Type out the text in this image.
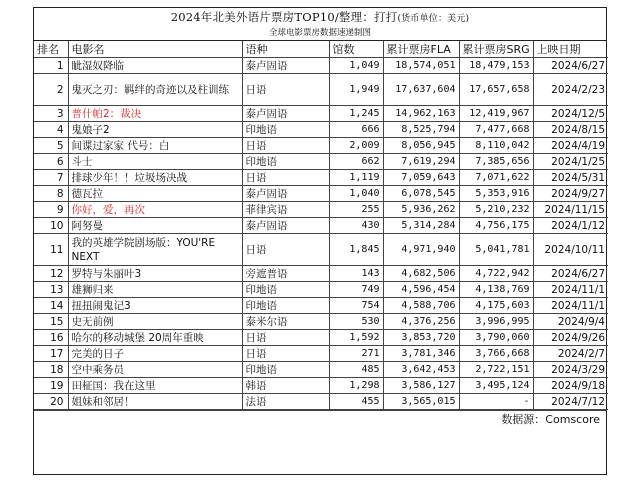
2024年北美外语片票房TOP10/整理：打打(货币单位：美元)
全球电影票房数据速递制图
排名	电影名	语种	馆数	累计票房FLA	累计票房SRG	上映日期
1	眦湿奴降临	泰卢固语	1,049	18,574,051	18,479,153	2024/6/27
2	鬼灭之刃：羁绊的奇迹以及柱训练	日语	1,949	17,637,604	17,657,658	2024/2/23
3	普什帕2：裁决	泰卢固语	1,245	14,962,163	12,419,967	2024/12/5
4	鬼娘子2	印地语	666	8,525,794	7,477,668	2024/8/15
5	间谍过家家 代号：白	日语	2,009	8,056,945	8,110,042	2024/4/19
6	斗士	印地语	662	7,619,294	7,385,656	2024/1/25
7	排球少年！！垃圾场决战	日语	1,119	7,059,643	7,071,622	2024/5/31
8	德瓦拉	泰卢固语	1,040	6,078,545	5,353,916	2024/9/27
9	你好，爱，再次	菲律宾语	255	5,936,262	5,210,232	2024/11/15
10	阿努曼	泰卢固语	430	5,314,284	4,756,175	2024/1/12
11	我的英雄学院剧场版：YOU'RE NEXT	日语	1,845	4,971,940	5,041,781	2024/10/11
12	罗特与朱丽叶3	旁遮普语	143	4,682,506	4,722,942	2024/6/27
13	雄狮归来	印地语	749	4,596,454	4,138,769	2024/11/1
14	扭扭闹鬼记3	印地语	754	4,588,706	4,175,603	2024/11/1
15	史无前例	泰米尔语	530	4,376,256	3,996,995	2024/9/4
16	哈尔的移动城堡 20周年重映	日语	1,592	3,853,720	3,790,060	2024/9/26
17	完美的日子	日语	271	3,781,346	3,766,668	2024/2/7
18	空中乘务员	印地语	485	3,642,453	2,722,151	2024/3/29
19	田柾国：我在这里	韩语	1,298	3,586,127	3,495,124	2024/9/18
20	姐妹和邻居！	法语	455	3,565,015	-	2024/7/12
数据源：Comscore
